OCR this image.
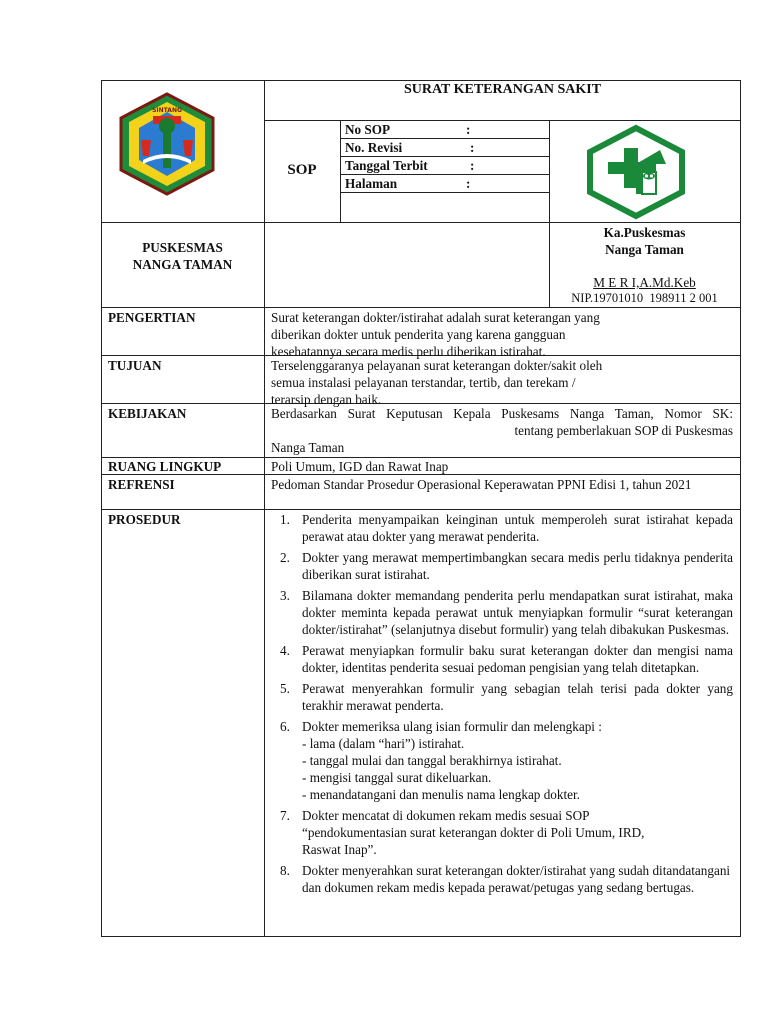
SINTANG
SURAT KETERANGAN SAKIT
SOP
No SOP	:
No. Revisi	:
Tanggal Terbit	:
Halaman	:
PUSKESMAS
NANGA TAMAN
Ka.Puskesmas
Nanga Taman
M E R I,A.Md.Keb
NIP.19701010  198911 2 001
PENGERTIAN	Surat keterangan dokter/istirahat adalah surat keterangan yang
diberikan dokter untuk penderita yang karena gangguan
kesehatannya secara medis perlu diberikan istirahat.
TUJUAN	Terselenggaranya pelayanan surat keterangan dokter/sakit oleh
semua instalasi pelayanan terstandar, tertib, dan terekam /
terarsip dengan baik.
KEBIJAKAN	Berdasarkan Surat Keputusan Kepala Puskesams Nanga Taman, Nomor SK:
tentang pemberlakuan SOP di Puskesmas
Nanga Taman
RUANG LINGKUP	Poli Umum, IGD dan Rawat Inap
REFRENSI	Pedoman Standar Prosedur Operasional Keperawatan PPNI Edisi 1, tahun 2021
PROSEDUR	1. Penderita menyampaikan keinginan untuk memperoleh surat istirahat kepada perawat atau dokter yang merawat penderita.
2. Dokter yang merawat mempertimbangkan secara medis perlu tidaknya penderita diberikan surat istirahat.
3. Bilamana dokter memandang penderita perlu mendapatkan surat istirahat, maka dokter meminta kepada perawat untuk menyiapkan formulir “surat keterangan dokter/istirahat” (selanjutnya disebut formulir) yang telah dibakukan Puskesmas.
4. Perawat menyiapkan formulir baku surat keterangan dokter dan mengisi nama dokter, identitas penderita sesuai pedoman pengisian yang telah ditetapkan.
5. Perawat menyerahkan formulir yang sebagian telah terisi pada dokter yang terakhir merawat penderta.
6. Dokter memeriksa ulang isian formulir dan melengkapi :
- lama (dalam “hari”) istirahat.
- tanggal mulai dan tanggal berakhirnya istirahat.
- mengisi tanggal surat dikeluarkan.
- menandatangani dan menulis nama lengkap dokter.
7. Dokter mencatat di dokumen rekam medis sesuai SOP
“pendokumentasian surat keterangan dokter di Poli Umum, IRD,
Raswat Inap”.
8. Dokter menyerahkan surat keterangan dokter/istirahat yang sudah ditandatangani dan dokumen rekam medis kepada perawat/petugas yang sedang bertugas.
